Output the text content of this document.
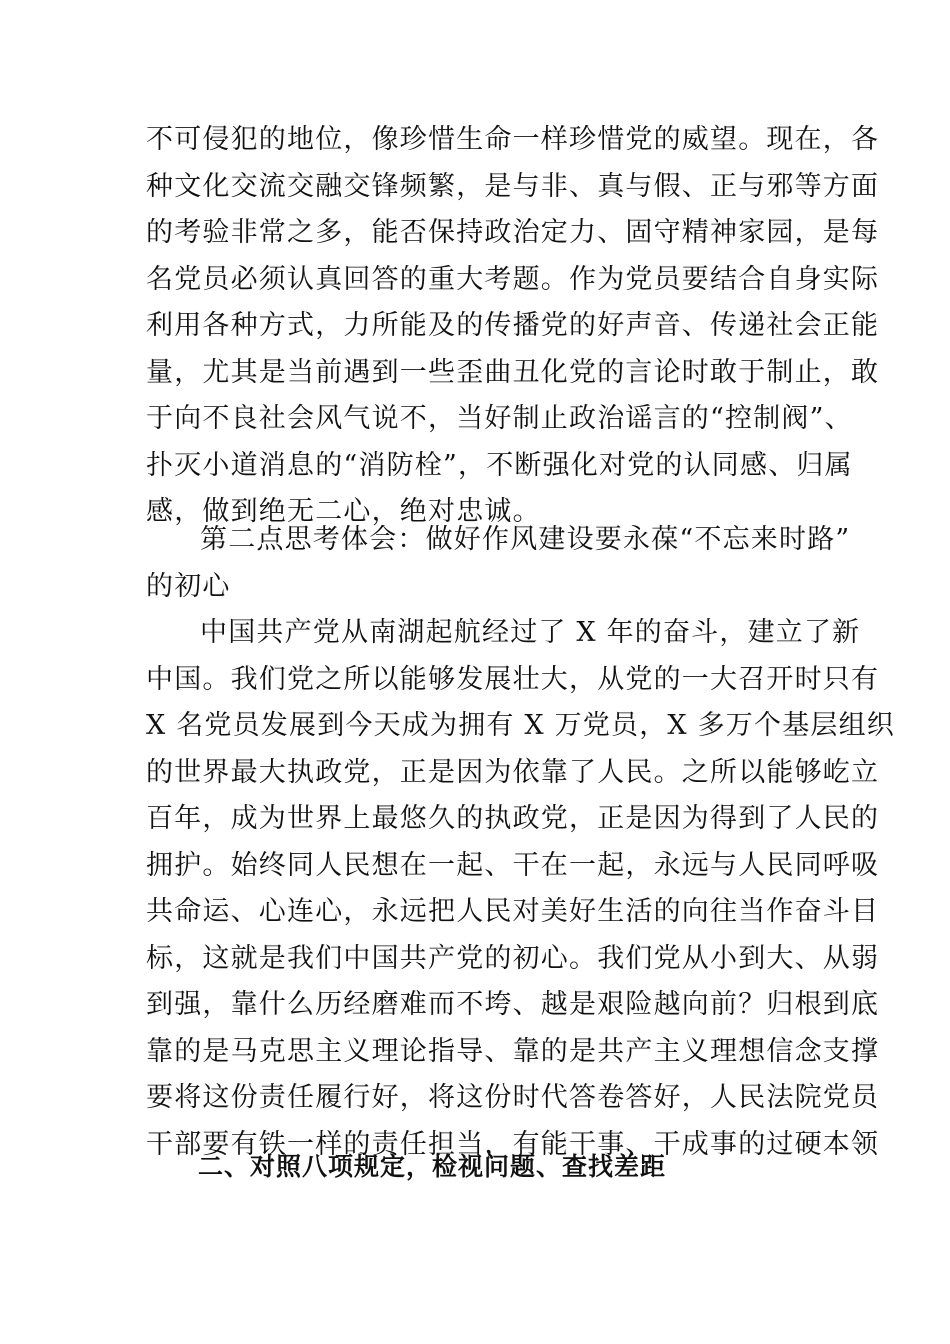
不可侵犯的地位，像珍惜生命一样珍惜党的威望。现在，各
种文化交流交融交锋频繁，是与非、真与假、正与邪等方面
的考验非常之多，能否保持政治定力、固守精神家园，是每
名党员必须认真回答的重大考题。作为党员要结合自身实际
利用各种方式，力所能及的传播党的好声音、传递社会正能
量，尤其是当前遇到一些歪曲丑化党的言论时敢于制止，敢
于向不良社会风气说不，当好制止政治谣言的“控制阀”、
扑灭小道消息的“消防栓”，不断强化对党的认同感、归属
感，做到绝无二心，绝对忠诚。
第二点思考体会：做好作风建设要永葆“不忘来时路”
的初心
中国共产党从南湖起航经过了 X 年的奋斗，建立了新
中国。我们党之所以能够发展壮大，从党的一大召开时只有
X 名党员发展到今天成为拥有 X 万党员，X 多万个基层组织
的世界最大执政党，正是因为依靠了人民。之所以能够屹立
百年，成为世界上最悠久的执政党，正是因为得到了人民的
拥护。始终同人民想在一起、干在一起，永远与人民同呼吸
共命运、心连心，永远把人民对美好生活的向往当作奋斗目
标，这就是我们中国共产党的初心。我们党从小到大、从弱
到强，靠什么历经磨难而不垮、越是艰险越向前？归根到底
靠的是马克思主义理论指导、靠的是共产主义理想信念支撑
要将这份责任履行好，将这份时代答卷答好，人民法院党员
干部要有铁一样的责任担当，有能干事、干成事的过硬本领
二、对照八项规定，检视问题、查找差距
